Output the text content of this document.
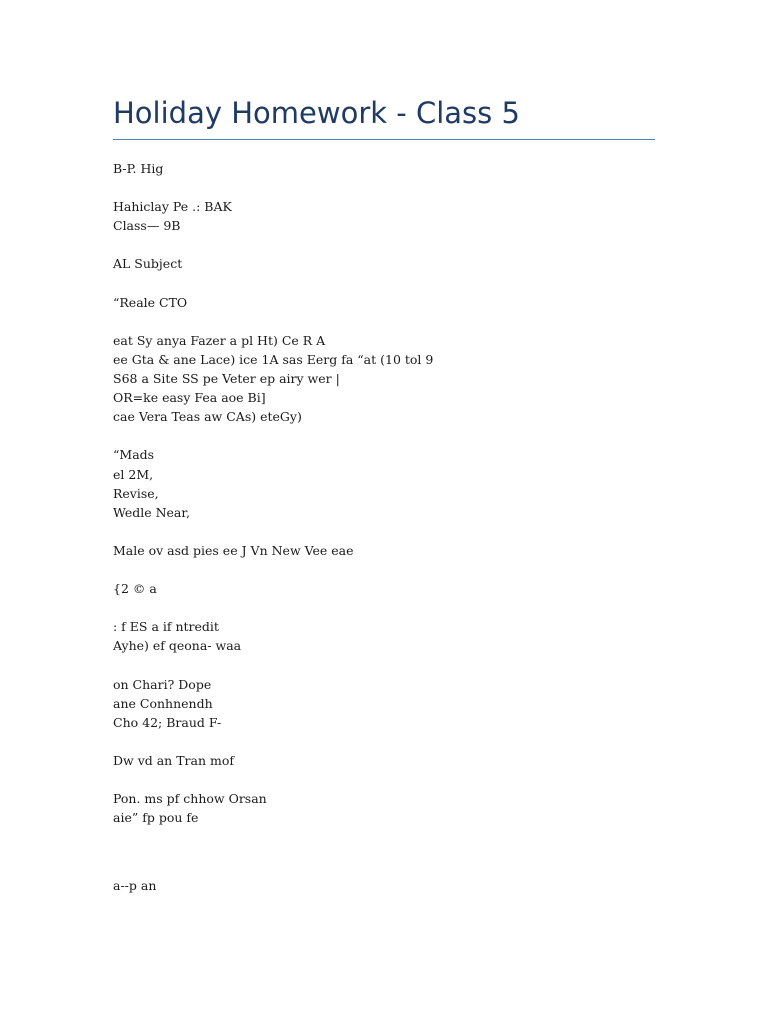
Holiday Homework - Class 5

B-P. Hig

Hahiclay Pe .: BAK
Class— 9B

AL Subject

“Reale CTO

eat Sy anya Fazer a pl Ht) Ce R A
ee Gta & ane Lace) ice 1A sas Eerg fa “at (10 tol 9
S68 a Site SS pe Veter ep airy wer |
OR=ke easy Fea aoe Bi]
cae Vera Teas aw CAs) eteGy)

“Mads
el 2M,
Revise,
Wedle Near,

Male ov asd pies ee J Vn New Vee eae

{2 © a

: f ES a if ntredit
Ayhe) ef qeona- waa

on Chari? Dope
ane Conhnendh
Cho 42; Braud F-

Dw vd an Tran mof

Pon. ms pf chhow Orsan
aie” fp pou fe

a--p an
